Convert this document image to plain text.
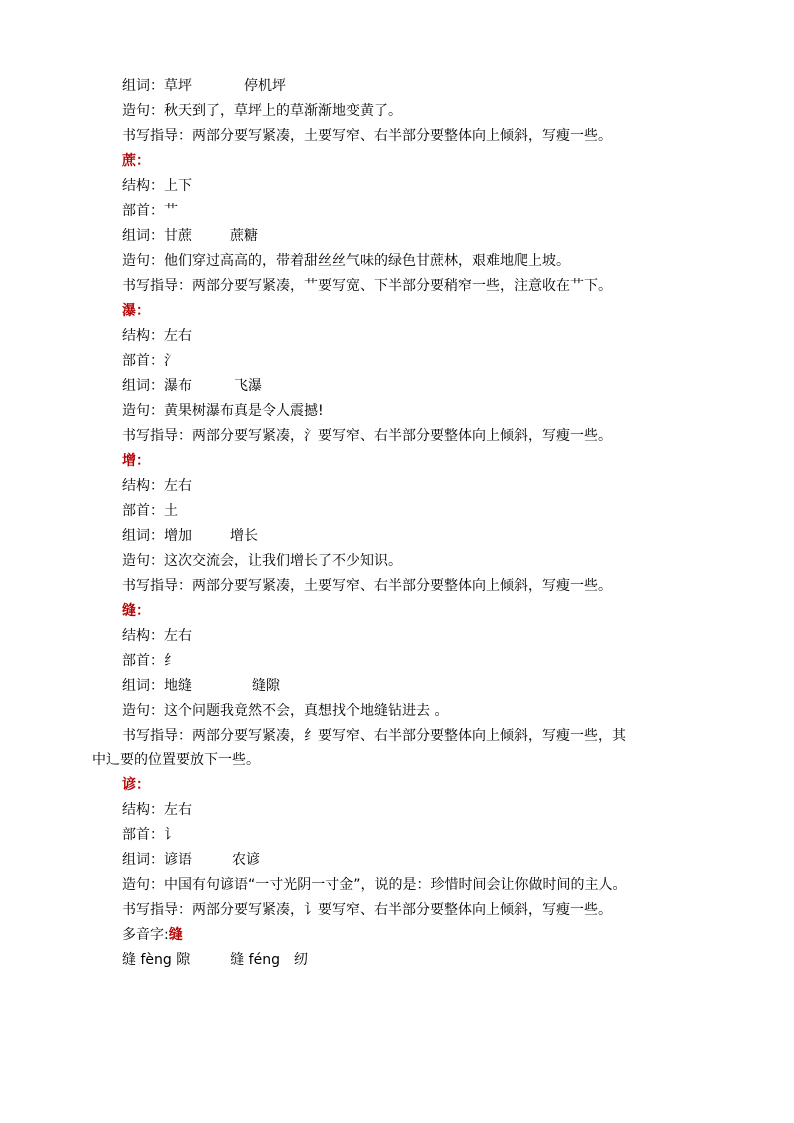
组词：草坪	停机坪
造句：秋天到了，草坪上的草渐渐地变黄了。
书写指导：两部分要写紧凑，土要写窄、右半部分要整体向上倾斜，写瘦一些。
蔗：
结构：上下
部首：艹
组词：甘蔗	蔗糖
造句：他们穿过高高的，带着甜丝丝气味的绿色甘蔗林，艰难地爬上坡。
书写指导：两部分要写紧凑，艹要写宽、下半部分要稍窄一些，注意收在艹下。
瀑：
结构：左右
部首：氵
组词：瀑布	飞瀑
造句：黄果树瀑布真是令人震撼!
书写指导：两部分要写紧凑，氵要写窄、右半部分要整体向上倾斜，写瘦一些。
增：
结构：左右
部首：土
组词：增加	增长
造句：这次交流会，让我们增长了不少知识。
书写指导：两部分要写紧凑，土要写窄、右半部分要整体向上倾斜，写瘦一些。
缝：
结构：左右
部首：纟
组词：地缝	缝隙
造句：这个问题我竟然不会，真想找个地缝钻进去 。
书写指导：两部分要写紧凑，纟要写窄、右半部分要整体向上倾斜，写瘦一些，其
中辶要的位置要放下一些。
谚：
结构：左右
部首：讠
组词：谚语	农谚
造句：中国有句谚语“一寸光阴一寸金”，说的是：珍惜时间会让你做时间的主人。
书写指导：两部分要写紧凑，讠要写窄、右半部分要整体向上倾斜，写瘦一些。
多音字:缝
缝 fèng 隙	缝 féng 纫
